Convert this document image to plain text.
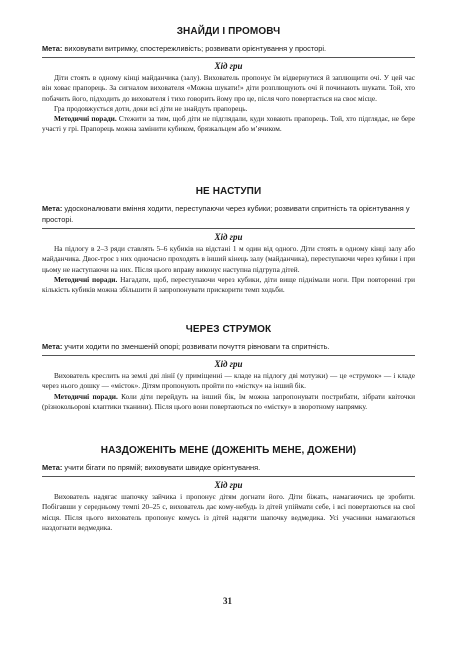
ЗНАЙДИ І ПРОМОВЧ
Мета: виховувати витримку, спостережливість; розвивати орієнтування у просторі.
Хід гри

Діти стоять в одному кінці майданчика (залу). Вихователь пропонує їм відвернутися й заплющити очі. У цей час він ховає прапорець. За сигналом вихователя «Можна шукати!» діти розплющують очі й починають шукати. Той, хто побачить його, підходить до вихователя і тихо говорить йому про це, після чого повертається на своє місце.

Гра продовжується доти, доки всі діти не знайдуть прапорець.

Методичні поради. Стежити за тим, щоб діти не підглядали, куди ховають прапорець. Той, хто підглядає, не бере участі у грі. Прапорець можна замінити кубиком, брязкальцем або м’ячиком.

НЕ НАСТУПИ
Мета: удосконалювати вміння ходити, переступаючи через кубики; розвивати спритність та орієнтування у просторі.
Хід гри

На підлогу в 2–3 ряди ставлять 5–6 кубиків на відстані 1 м один від одного. Діти стоять в одному кінці залу або майданчика. Двоє-троє з них одночасно проходять в інший кінець залу (майданчика), переступаючи через кубики і при цьому не наступаючи на них. Після цього вправу виконує наступна підгрупа дітей.

Методичні поради. Нагадати, щоб, переступаючи через кубики, діти вище піднімали ноги. При повторенні гри кількість кубиків можна збільшити й запропонувати прискорити темп ходьби.

ЧЕРЕЗ СТРУМОК
Мета: учити ходити по зменшеній опорі; розвивати почуття рівноваги та спритність.
Хід гри

Вихователь креслить на землі дві лінії (у приміщенні — кладе на підлогу дві мотузки) — це «струмок» — і кладе через нього дошку — «місток». Дітям пропонують пройти по «містку» на інший бік.

Методичні поради. Коли діти перейдуть на інший бік, їм можна запропонувати пострибати, зібрати квіточки (різнокольорові клаптики тканини). Після цього вони повертаються по «містку» в зворотному напрямку.

НАЗДОЖЕНІТЬ МЕНЕ (ДОЖЕНІТЬ МЕНЕ, ДОЖЕНИ)
Мета: учити бігати по прямій; виховувати швидке орієнтування.
Хід гри

Вихователь надягає шапочку зайчика і пропонує дітям догнати його. Діти біжать, намагаючись це зробити. Побігавши у середньому темпі 20–25 с, вихователь дає кому-небудь із дітей упіймати себе, і всі повертаються на свої місця. Після цього вихователь пропонує комусь із дітей надягти шапочку ведмедика. Усі учасники намагаються наздогнати ведмедика.

31
